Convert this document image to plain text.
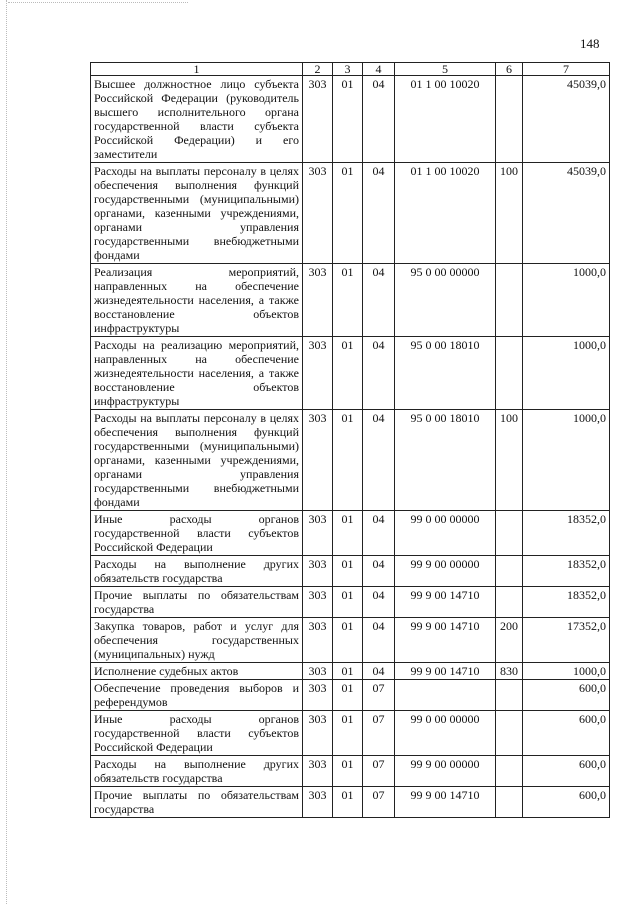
148
1	2	3	4	5	6	7
Высшее должностное лицо субъекта Российской Федерации (руководитель высшего исполнительного органа государственной власти субъекта Российской Федерации) и его заместители	303	01	04	01 1 00 10020		45039,0
Расходы на выплаты персоналу в целях обеспечения выполнения функций государственными (муниципальными) органами, казенными учреждениями, органами управления государственными внебюджетными фондами	303	01	04	01 1 00 10020	100	45039,0
Реализация мероприятий, направленных на обеспечение жизнедеятельности населения, а также восстановление объектов инфраструктуры	303	01	04	95 0 00 00000		1000,0
Расходы на реализацию мероприятий, направленных на обеспечение жизнедеятельности населения, а также восстановление объектов инфраструктуры	303	01	04	95 0 00 18010		1000,0
Расходы на выплаты персоналу в целях обеспечения выполнения функций государственными (муниципальными) органами, казенными учреждениями, органами управления государственными внебюджетными фондами	303	01	04	95 0 00 18010	100	1000,0
Иные расходы органов государственной власти субъектов Российской Федерации	303	01	04	99 0 00 00000		18352,0
Расходы на выполнение других обязательств государства	303	01	04	99 9 00 00000		18352,0
Прочие выплаты по обязательствам государства	303	01	04	99 9 00 14710		18352,0
Закупка товаров, работ и услуг для обеспечения государственных (муниципальных) нужд	303	01	04	99 9 00 14710	200	17352,0
Исполнение судебных актов	303	01	04	99 9 00 14710	830	1000,0
Обеспечение проведения выборов и референдумов	303	01	07			600,0
Иные расходы органов государственной власти субъектов Российской Федерации	303	01	07	99 0 00 00000		600,0
Расходы на выполнение других обязательств государства	303	01	07	99 9 00 00000		600,0
Прочие выплаты по обязательствам государства	303	01	07	99 9 00 14710		600,0
